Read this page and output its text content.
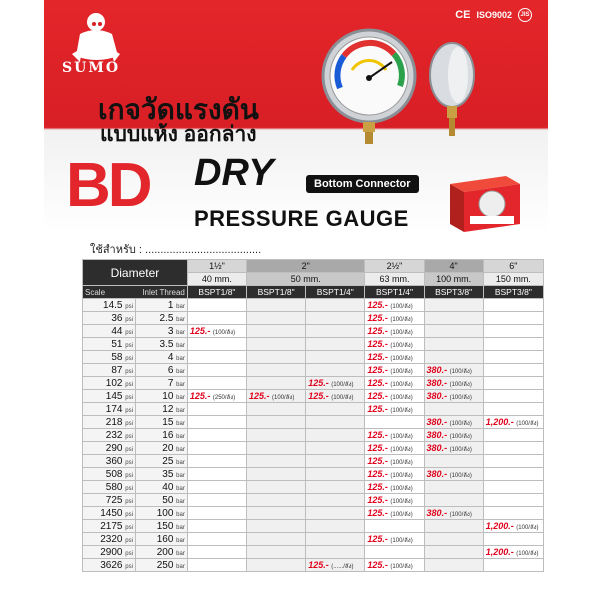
SUMO
CE ISO9002	JIS
เกจวัดแรงดัน
แบบแห้ง ออกล่าง
BD DRY	Bottom Connector
PRESSURE GAUGE
ใช้สำหรับ : ......................................
Diameter		1½"	2"		2½"	4"	6"
		40 mm.	50 mm.		63 mm.	100 mm.	150 mm.
Scale Inlet Thread		BSPT1/8"	BSPT1/8"	BSPT1/4"	BSPT1/4"	BSPT3/8"	BSPT3/8"
14.5 psi	1 bar				125.- (100/ลัง)		
36 psi	2.5 bar				125.- (100/ลัง)		
44 psi	3 bar	125.- (100/ลัง)			125.- (100/ลัง)		
51 psi	3.5 bar				125.- (100/ลัง)		
58 psi	4 bar				125.- (100/ลัง)		
87 psi	6 bar				125.- (100/ลัง)	380.- (100/ลัง)	
102 psi	7 bar			125.- (100/ลัง)	125.- (100/ลัง)	380.- (100/ลัง)	
145 psi	10 bar	125.- (250/ลัง)	125.- (100/ลัง)	125.- (100/ลัง)	125.- (100/ลัง)	380.- (100/ลัง)	
174 psi	12 bar				125.- (100/ลัง)		
218 psi	15 bar					380.- (100/ลัง)	1,200.- (100/ลัง)
232 psi	16 bar				125.- (100/ลัง)	380.- (100/ลัง)	
290 psi	20 bar				125.- (100/ลัง)	380.- (100/ลัง)	
360 psi	25 bar				125.- (100/ลัง)		
508 psi	35 bar				125.- (100/ลัง)	380.- (100/ลัง)	
580 psi	40 bar				125.- (100/ลัง)		
725 psi	50 bar				125.- (100/ลัง)		
1450 psi	100 bar				125.- (100/ลัง)	380.- (100/ลัง)	
2175 psi	150 bar						1,200.- (100/ลัง)
2320 psi	160 bar				125.- (100/ลัง)		
2900 psi	200 bar						1,200.- (100/ลัง)
3626 psi	250 bar			125.- (....../ลัง)	125.- (100/ลัง)		
